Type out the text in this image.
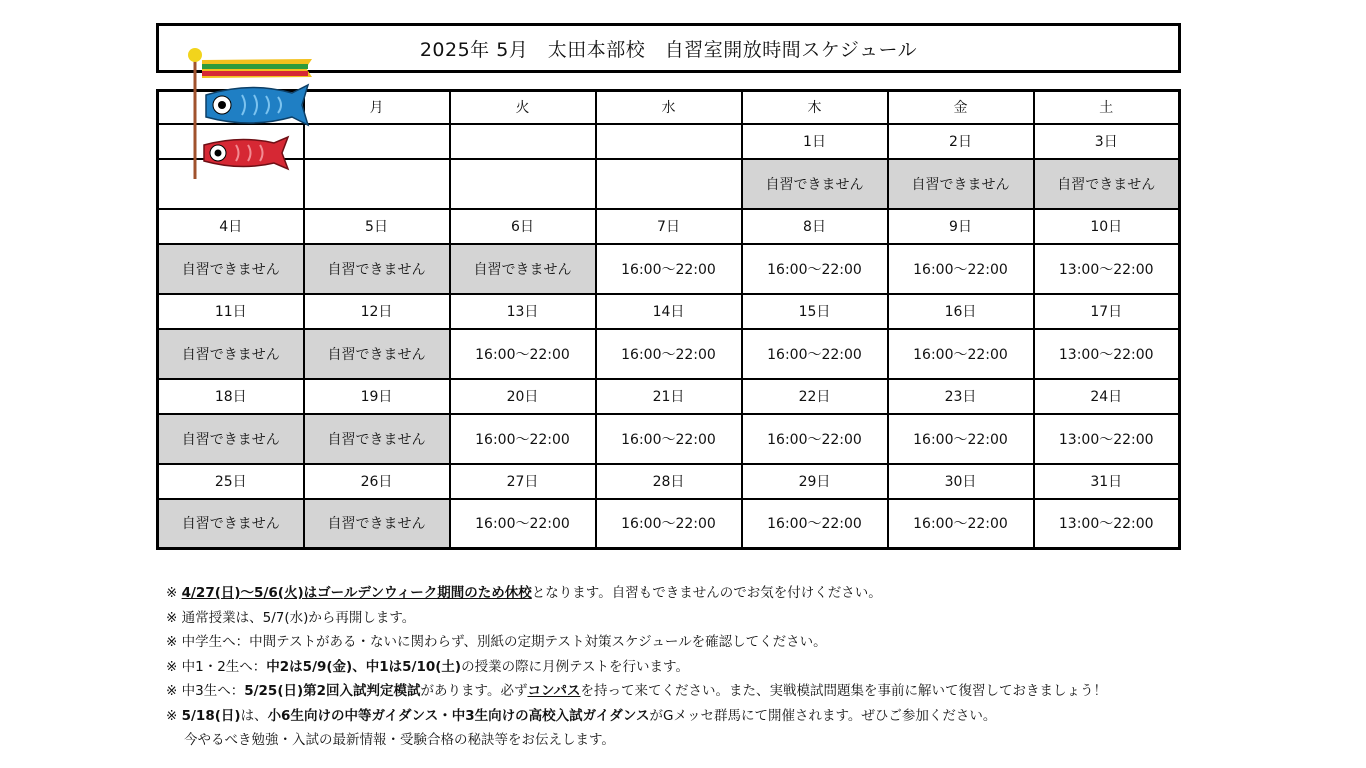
2025年 5月　太田本部校　自習室開放時間スケジュール
	月	火	水	木	金	土
				1日	2日	3日
				自習できません	自習できません	自習できません
4日	5日	6日	7日	8日	9日	10日
自習できません	自習できません	自習できません	16:00～22:00	16:00～22:00	16:00～22:00	13:00～22:00
11日	12日	13日	14日	15日	16日	17日
自習できません	自習できません	16:00～22:00	16:00～22:00	16:00～22:00	16:00～22:00	13:00～22:00
18日	19日	20日	21日	22日	23日	24日
自習できません	自習できません	16:00～22:00	16:00～22:00	16:00～22:00	16:00～22:00	13:00～22:00
25日	26日	27日	28日	29日	30日	31日
自習できません	自習できません	16:00～22:00	16:00～22:00	16:00～22:00	16:00～22:00	13:00～22:00
※ 4/27(日)～5/6(火)はゴールデンウィーク期間のため休校となります。自習もできませんのでお気を付けください。
※ 通常授業は、5/7(水)から再開します。
※ 中学生へ：中間テストがある・ないに関わらず、別紙の定期テスト対策スケジュールを確認してください。
※ 中1・2生へ：中2は5/9(金)、中1は5/10(土)の授業の際に月例テストを行います。
※ 中3生へ：5/25(日)第2回入試判定模試があります。必ずコンパスを持って来てください。また、実戦模試問題集を事前に解いて復習しておきましょう！
※ 5/18(日)は、小6生向けの中等ガイダンス・中3生向けの高校入試ガイダンスがGメッセ群馬にて開催されます。ぜひご参加ください。
今やるべき勉強・入試の最新情報・受験合格の秘訣等をお伝えします。
